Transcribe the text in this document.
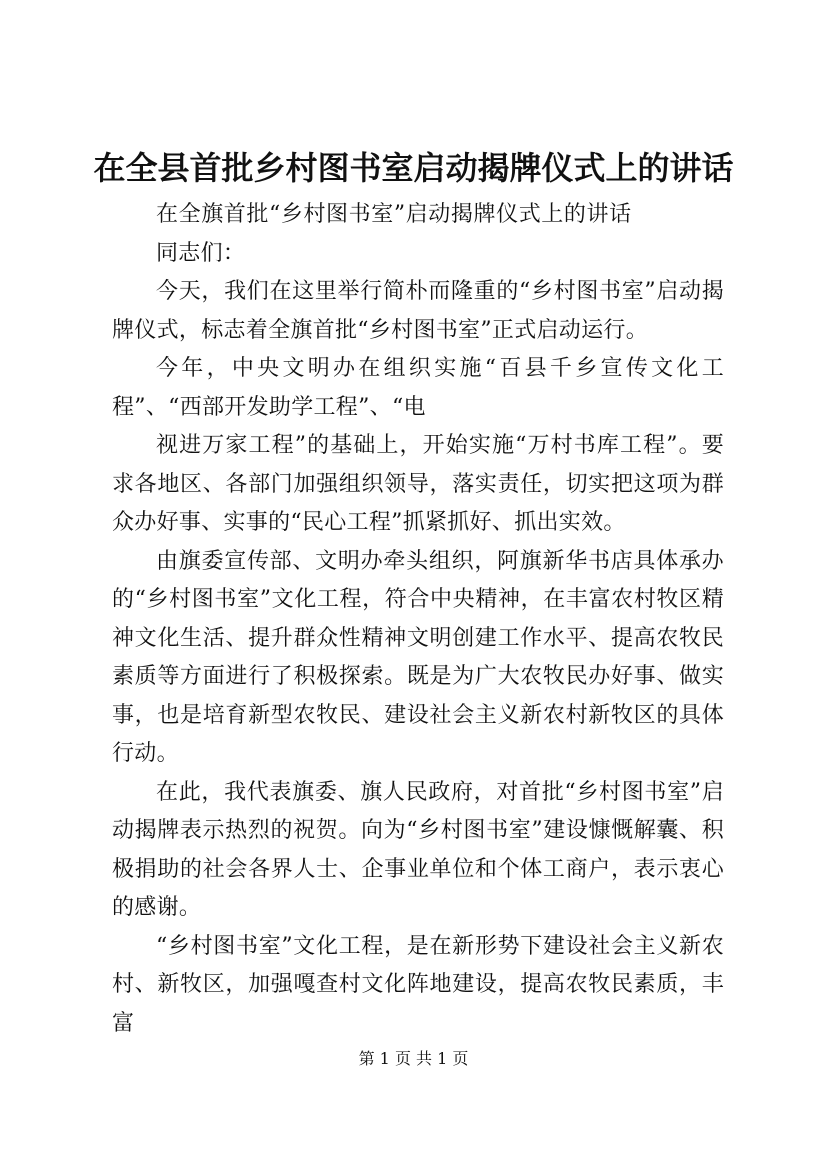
在全县首批乡村图书室启动揭牌仪式上的讲话

在全旗首批“乡村图书室”启动揭牌仪式上的讲话

同志们：

今天，我们在这里举行简朴而隆重的“乡村图书室”启动揭牌仪式，标志着全旗首批“乡村图书室”正式启动运行。

今年，中央文明办在组织实施“百县千乡宣传文化工程”、“西部开发助学工程”、“电

视进万家工程”的基础上，开始实施“万村书库工程”。要求各地区、各部门加强组织领导，落实责任，切实把这项为群众办好事、实事的“民心工程”抓紧抓好、抓出实效。

由旗委宣传部、文明办牵头组织，阿旗新华书店具体承办的“乡村图书室”文化工程，符合中央精神，在丰富农村牧区精神文化生活、提升群众性精神文明创建工作水平、提高农牧民素质等方面进行了积极探索。既是为广大农牧民办好事、做实事，也是培育新型农牧民、建设社会主义新农村新牧区的具体行动。

在此，我代表旗委、旗人民政府，对首批“乡村图书室”启动揭牌表示热烈的祝贺。向为“乡村图书室”建设慷慨解囊、积极捐助的社会各界人士、企事业单位和个体工商户，表示衷心的感谢。

“乡村图书室”文化工程，是在新形势下建设社会主义新农村、新牧区，加强嘎查村文化阵地建设，提高农牧民素质，丰富

第 1 页 共 1 页
